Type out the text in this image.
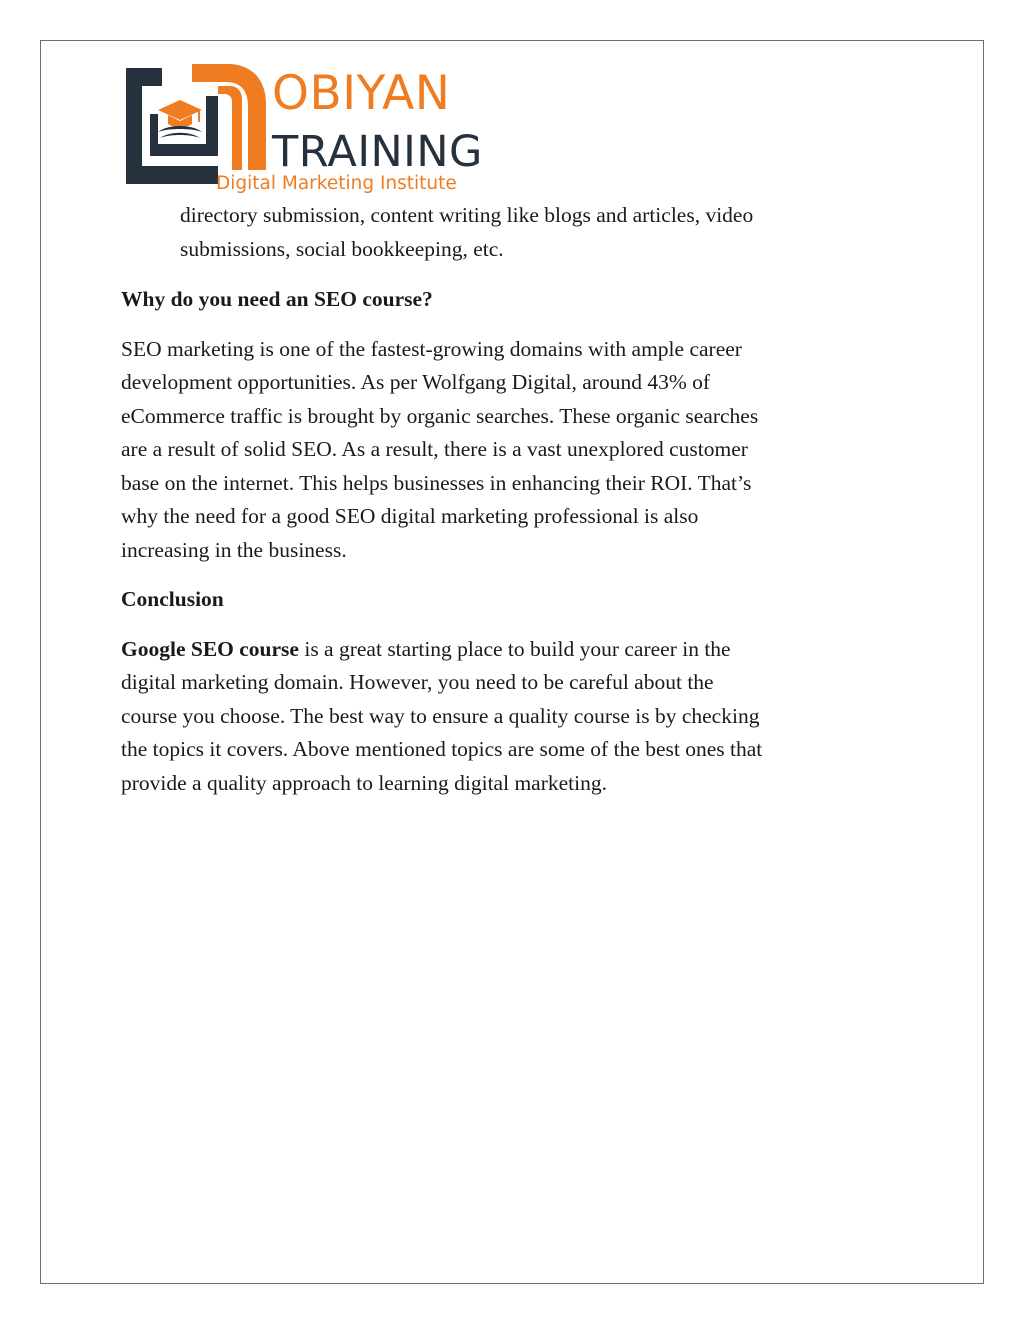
OBIYAN
TRAINING
Digital Marketing Institute

directory submission, content writing like blogs and articles, video
submissions, social bookkeeping, etc.

Why do you need an SEO course?

SEO marketing is one of the fastest-growing domains with ample career
development opportunities. As per Wolfgang Digital, around 43% of
eCommerce traffic is brought by organic searches. These organic searches
are a result of solid SEO. As a result, there is a vast unexplored customer
base on the internet. This helps businesses in enhancing their ROI. That’s
why the need for a good SEO digital marketing professional is also
increasing in the business.

Conclusion

Google SEO course is a great starting place to build your career in the
digital marketing domain. However, you need to be careful about the
course you choose. The best way to ensure a quality course is by checking
the topics it covers. Above mentioned topics are some of the best ones that
provide a quality approach to learning digital marketing.
